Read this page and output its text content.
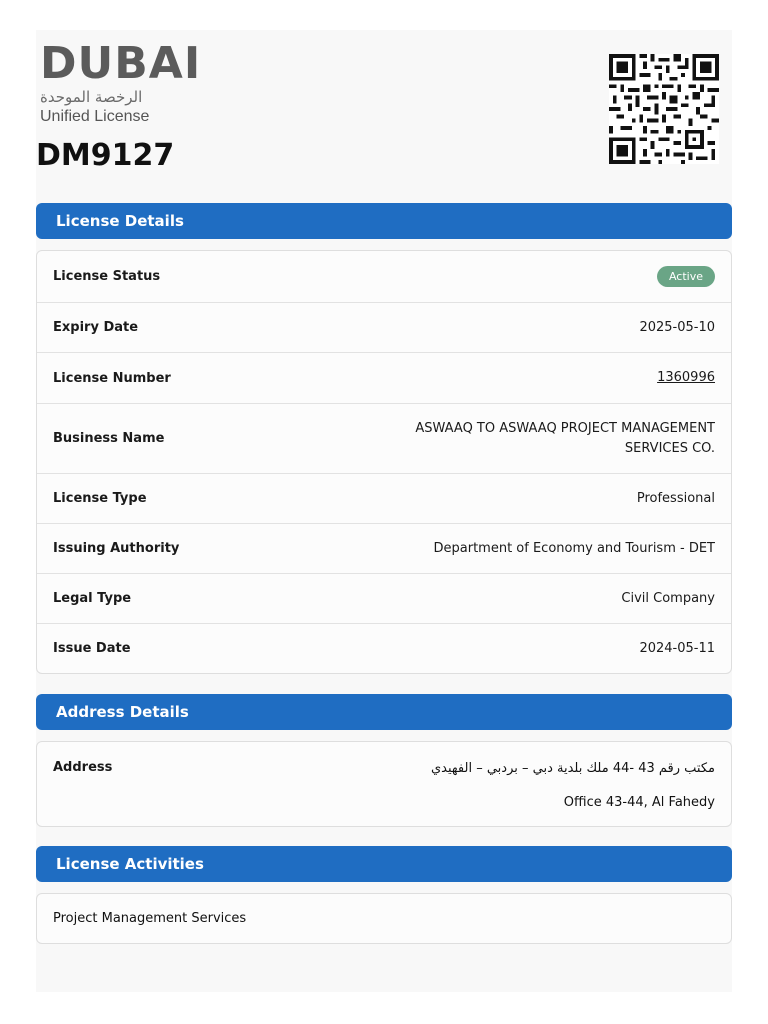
DUBAI
الرخصة الموحدة
Unified License
DM9127
License Details
License Status	Active
Expiry Date	2025-05-10
License Number	1360996
Business Name
ASWAAQ TO ASWAAQ PROJECT MANAGEMENT
SERVICES CO.
License Type	Professional
Issuing Authority	Department of Economy and Tourism - DET
Legal Type	Civil Company
Issue Date	2024-05-11
Address Details
Address	مكتب رقم 43 -44 ملك بلدية دبي – بردبي – الفهيدي
Office 43-44, Al Fahedy
License Activities
Project Management Services
